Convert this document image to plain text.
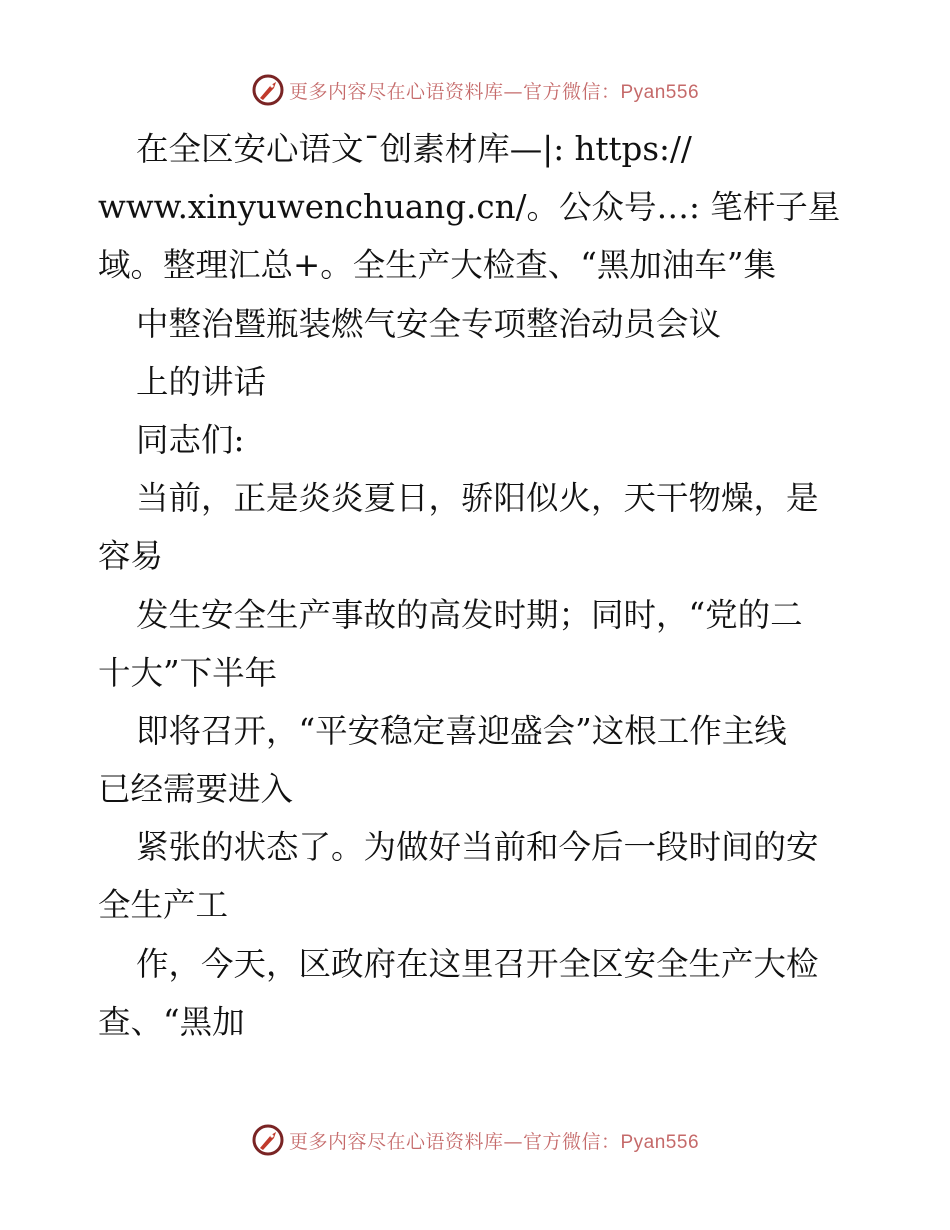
更多内容尽在心语资料库—官方微信：Pyan556
在全区安心语文¯创素材库—|: https://
www.xinyuwenchuang.cn/。公众号…: 笔杆子星
域。整理汇总+。全生产大检查、“黑加油车”集
中整治暨瓶装燃气安全专项整治动员会议
上的讲话
同志们:
当前，正是炎炎夏日，骄阳似火，天干物燥，是
容易
发生安全生产事故的高发时期；同时，“党的二
十大”下半年
即将召开，“平安稳定喜迎盛会”这根工作主线
已经需要进入
紧张的状态了。为做好当前和今后一段时间的安
全生产工
作，今天，区政府在这里召开全区安全生产大检
查、“黑加
更多内容尽在心语资料库—官方微信：Pyan556
